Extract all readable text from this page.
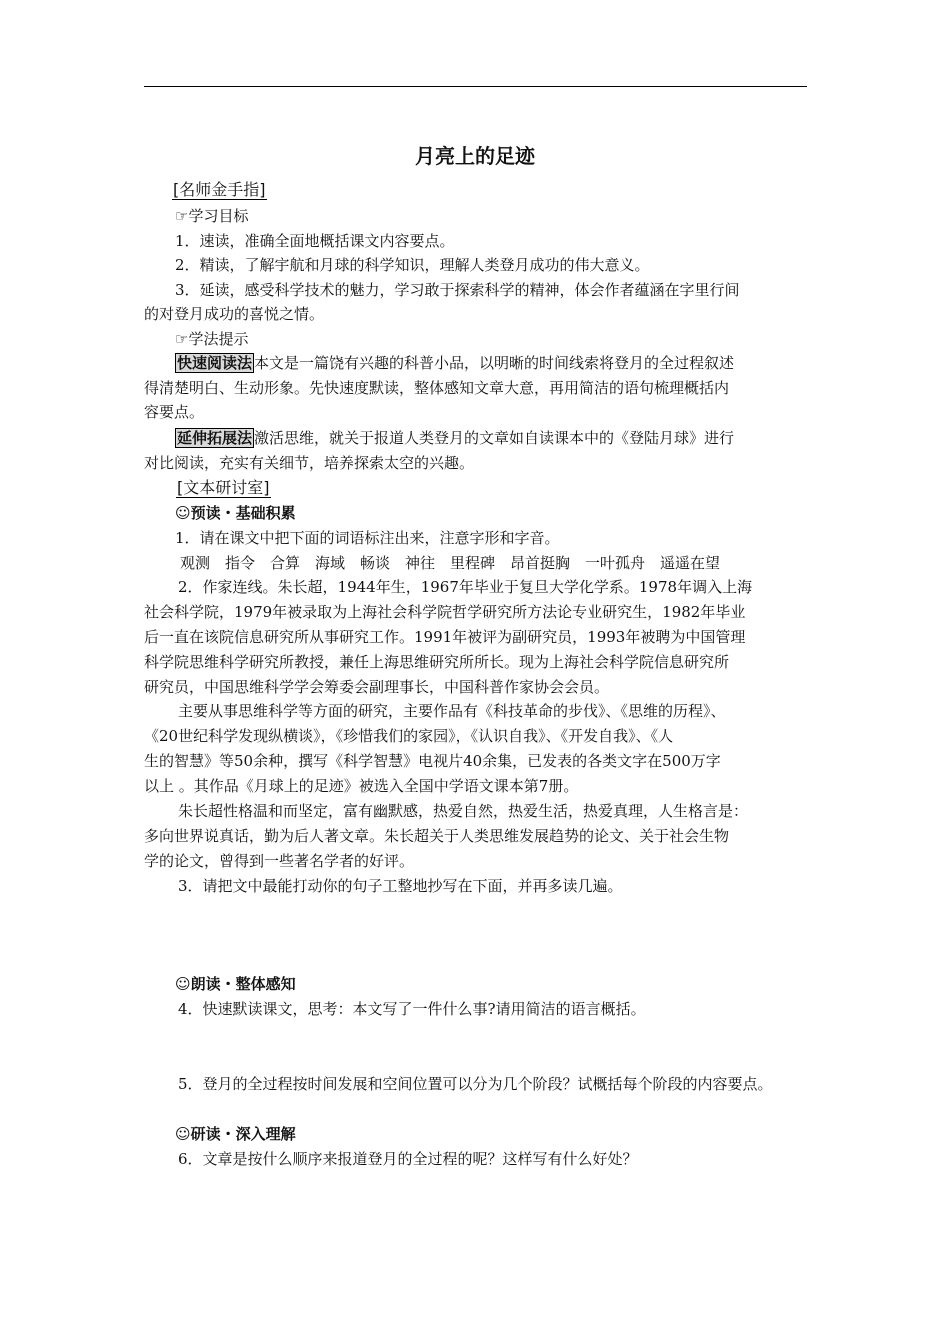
月亮上的足迹
[名师金手指]
☞学习目标
1．速读，准确全面地概括课文内容要点。
2．精读，了解宇航和月球的科学知识，理解人类登月成功的伟大意义。
3．延读，感受科学技术的魅力，学习敢于探索科学的精神，体会作者蕴涵在字里行间
的对登月成功的喜悦之情。
☞学法提示
快速阅读法 本文是一篇饶有兴趣的科普小品，以明晰的时间线索将登月的全过程叙述
得清楚明白、生动形象。先快速度默读，整体感知文章大意，再用简洁的语句梳理概括内
容要点。
延伸拓展法 激活思维，就关于报道人类登月的文章如自读课本中的《登陆月球》进行
对比阅读，充实有关细节，培养探索太空的兴趣。
[文本研讨室]
☺预读・基础积累
1．请在课文中把下面的词语标注出来，注意字形和字音。
观测　指令　合算　海域　畅谈　神往　里程碑　昂首挺胸　一叶孤舟　遥遥在望
2．作家连线。朱长超，1944年生，1967年毕业于复旦大学化学系。1978年调入上海
社会科学院，1979年被录取为上海社会科学院哲学研究所方法论专业研究生，1982年毕业
后一直在该院信息研究所从事研究工作。1991年被评为副研究员，1993年被聘为中国管理
科学院思维科学研究所教授，兼任上海思维研究所所长。现为上海社会科学院信息研究所
研究员，中国思维科学学会筹委会副理事长，中国科普作家协会会员。
主要从事思维科学等方面的研究，主要作品有《科技革命的步伐》、《思维的历程》、
《20世纪科学发现纵横谈》，《珍惜我们的家园》，《认识自我》、《开发自我》、《人
生的智慧》等50余种，撰写《科学智慧》电视片40余集，已发表的各类文字在500万字
以上 。其作品《月球上的足迹》被选入全国中学语文课本第7册。
朱长超性格温和而坚定，富有幽默感，热爱自然，热爱生活，热爱真理，人生格言是：
多向世界说真话，勤为后人著文章。朱长超关于人类思维发展趋势的论文、关于社会生物
学的论文，曾得到一些著名学者的好评。
3．请把文中最能打动你的句子工整地抄写在下面，并再多读几遍。
☺朗读・整体感知
4．快速默读课文，思考：本文写了一件什么事?请用简洁的语言概括。
5．登月的全过程按时间发展和空间位置可以分为几个阶段？试概括每个阶段的内容要点。
☺研读・深入理解
6．文章是按什么顺序来报道登月的全过程的呢？这样写有什么好处？
